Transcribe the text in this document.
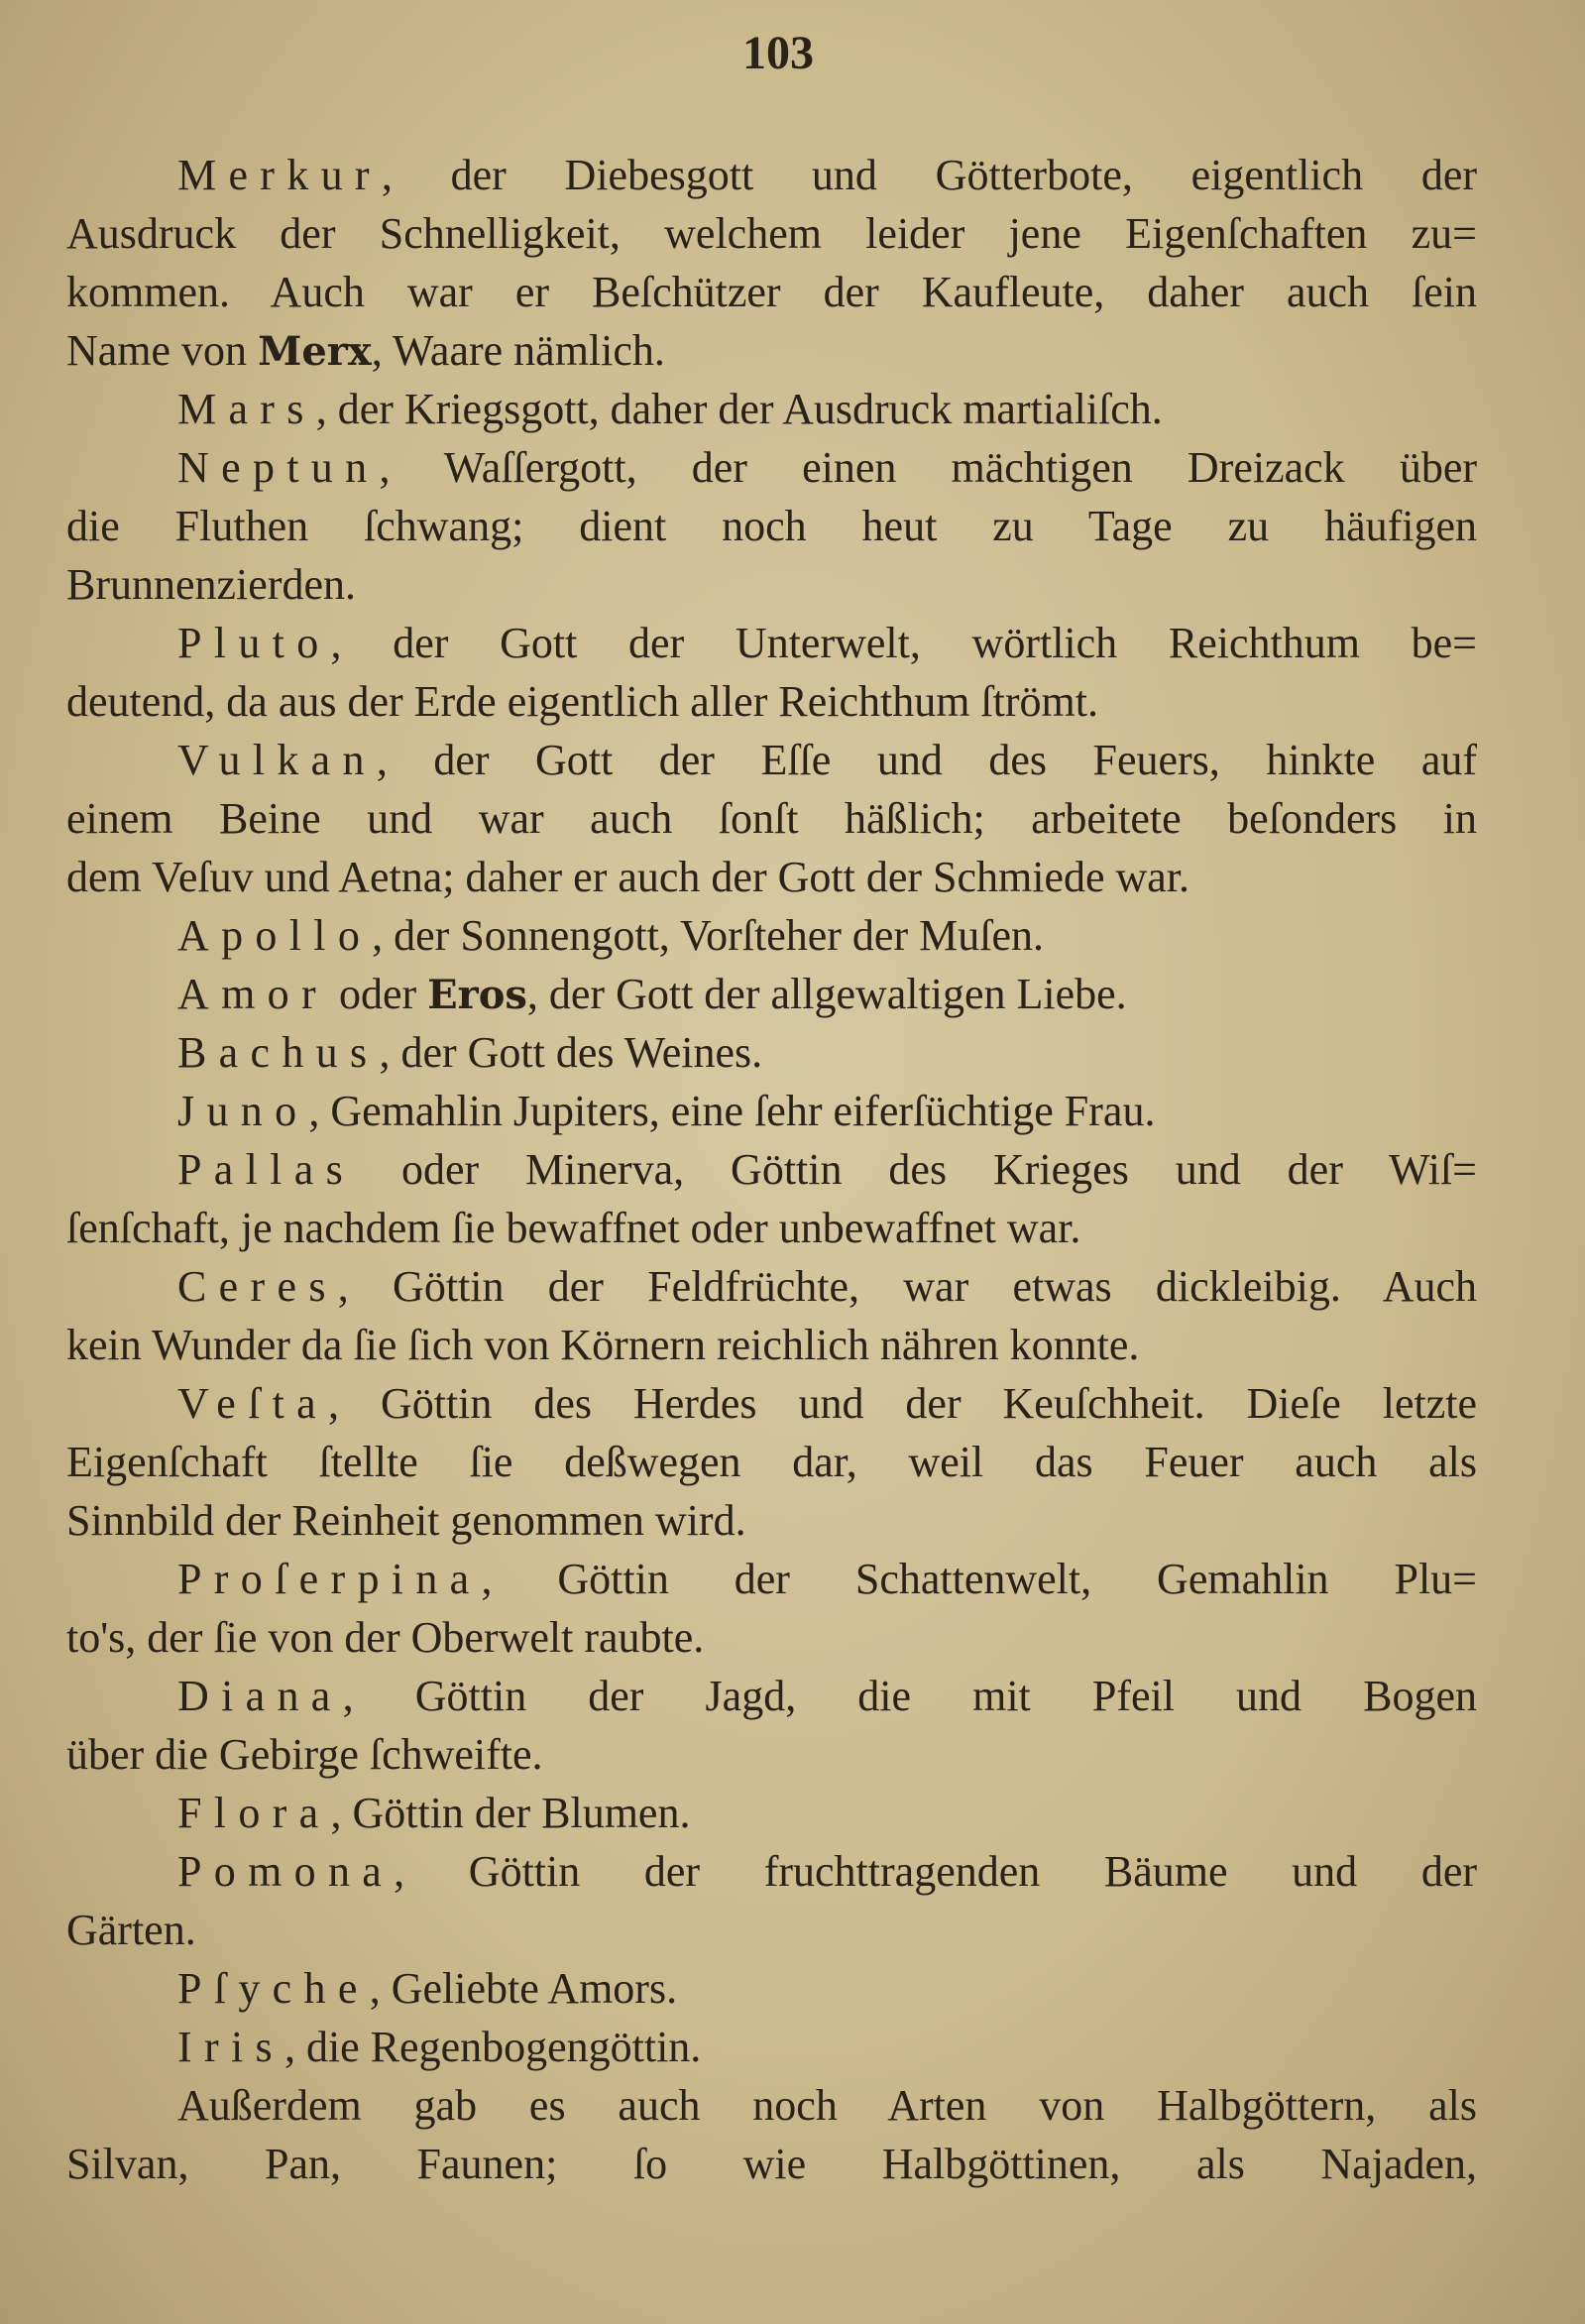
103
Merkur, der Diebesgott und Götterbote, eigentlich der
Ausdruck der Schnelligkeit, welchem leider jene Eigenſchaften zu=
kommen. Auch war er Beſchützer der Kaufleute, daher auch ſein
Name von Merx, Waare nämlich.
Mars, der Kriegsgott, daher der Ausdruck martialiſch.
Neptun, Waſſergott, der einen mächtigen Dreizack über
die Fluthen ſchwang; dient noch heut zu Tage zu häufigen
Brunnenzierden.
Pluto, der Gott der Unterwelt, wörtlich Reichthum be=
deutend, da aus der Erde eigentlich aller Reichthum ſtrömt.
Vulkan, der Gott der Eſſe und des Feuers, hinkte auf
einem Beine und war auch ſonſt häßlich; arbeitete beſonders in
dem Veſuv und Aetna; daher er auch der Gott der Schmiede war.
Apollo, der Sonnengott, Vorſteher der Muſen.
Amor oder Eros, der Gott der allgewaltigen Liebe.
Bachus, der Gott des Weines.
Juno, Gemahlin Jupiters, eine ſehr eiferſüchtige Frau.
Pallas oder Minerva, Göttin des Krieges und der Wiſ=
ſenſchaft, je nachdem ſie bewaffnet oder unbewaffnet war.
Ceres, Göttin der Feldfrüchte, war etwas dickleibig. Auch
kein Wunder da ſie ſich von Körnern reichlich nähren konnte.
Veſta, Göttin des Herdes und der Keuſchheit. Dieſe letzte
Eigenſchaft ſtellte ſie deßwegen dar, weil das Feuer auch als
Sinnbild der Reinheit genommen wird.
Proſerpina, Göttin der Schattenwelt, Gemahlin Plu=
to's, der ſie von der Oberwelt raubte.
Diana, Göttin der Jagd, die mit Pfeil und Bogen
über die Gebirge ſchweifte.
Flora, Göttin der Blumen.
Pomona, Göttin der fruchttragenden Bäume und der
Gärten.
Pſyche, Geliebte Amors.
Iris, die Regenbogengöttin.
Außerdem gab es auch noch Arten von Halbgöttern, als
Silvan, Pan, Faunen; ſo wie Halbgöttinen, als Najaden,
